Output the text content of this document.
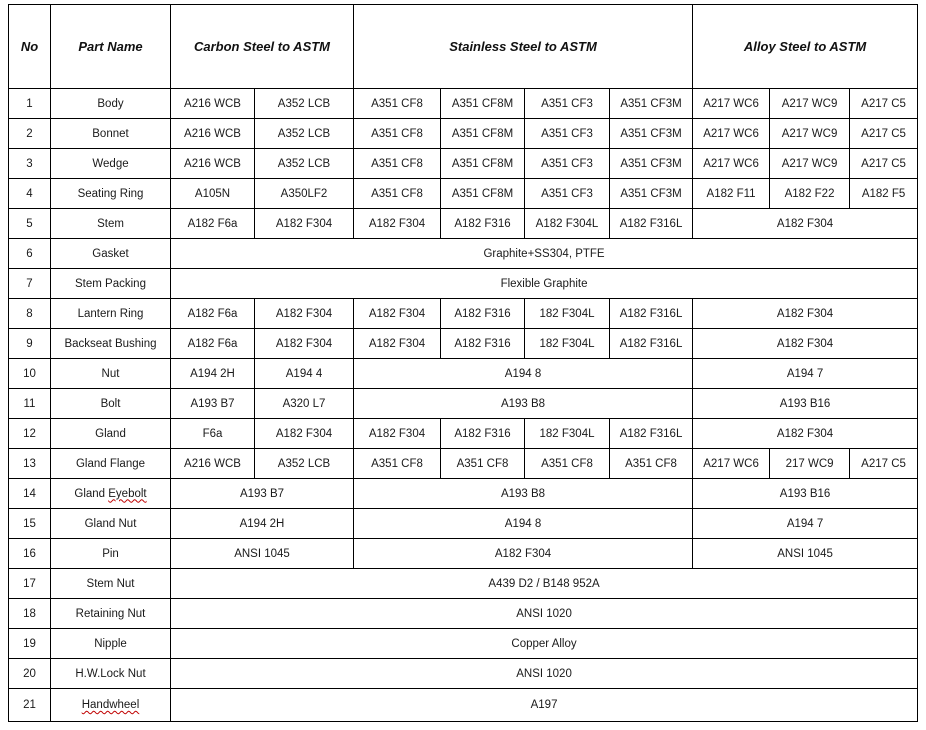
No	Part Name	Carbon Steel to ASTM		Stainless Steel to ASTM				Alloy Steel to ASTM		
1	Body	A216 WCB	A352 LCB	A351 CF8	A351 CF8M	A351 CF3	A351 CF3M	A217 WC6	A217 WC9	A217 C5
2	Bonnet	A216 WCB	A352 LCB	A351 CF8	A351 CF8M	A351 CF3	A351 CF3M	A217 WC6	A217 WC9	A217 C5
3	Wedge	A216 WCB	A352 LCB	A351 CF8	A351 CF8M	A351 CF3	A351 CF3M	A217 WC6	A217 WC9	A217 C5
4	Seating Ring	A105N	A350LF2	A351 CF8	A351 CF8M	A351 CF3	A351 CF3M	A182 F11	A182 F22	A182 F5
5	Stem	A182 F6a	A182 F304	A182 F304	A182 F316	A182 F304L	A182 F316L	A182 F304		
6	Gasket	Graphite+SS304, PTFE								
7	Stem Packing	Flexible Graphite								
8	Lantern Ring	A182 F6a	A182 F304	A182 F304	A182 F316	182 F304L	A182 F316L	A182 F304		
9	Backseat Bushing	A182 F6a	A182 F304	A182 F304	A182 F316	182 F304L	A182 F316L	A182 F304		
10	Nut	A194 2H	A194 4	A194 8				A194 7		
11	Bolt	A193 B7	A320 L7	A193 B8				A193 B16		
12	Gland	F6a	A182 F304	A182 F304	A182 F316	182 F304L	A182 F316L	A182 F304		
13	Gland Flange	A216 WCB	A352 LCB	A351 CF8	A351 CF8	A351 CF8	A351 CF8	A217 WC6	217 WC9	A217 C5
14	Gland Eyebolt	A193 B7		A193 B8				A193 B16		
15	Gland Nut	A194 2H		A194 8				A194 7		
16	Pin	ANSI 1045		A182 F304				ANSI 1045		
17	Stem Nut	A439 D2 / B148 952A								
18	Retaining Nut	ANSI 1020								
19	Nipple	Copper Alloy								
20	H.W.Lock Nut	ANSI 1020								
21	Handwheel	A197								
